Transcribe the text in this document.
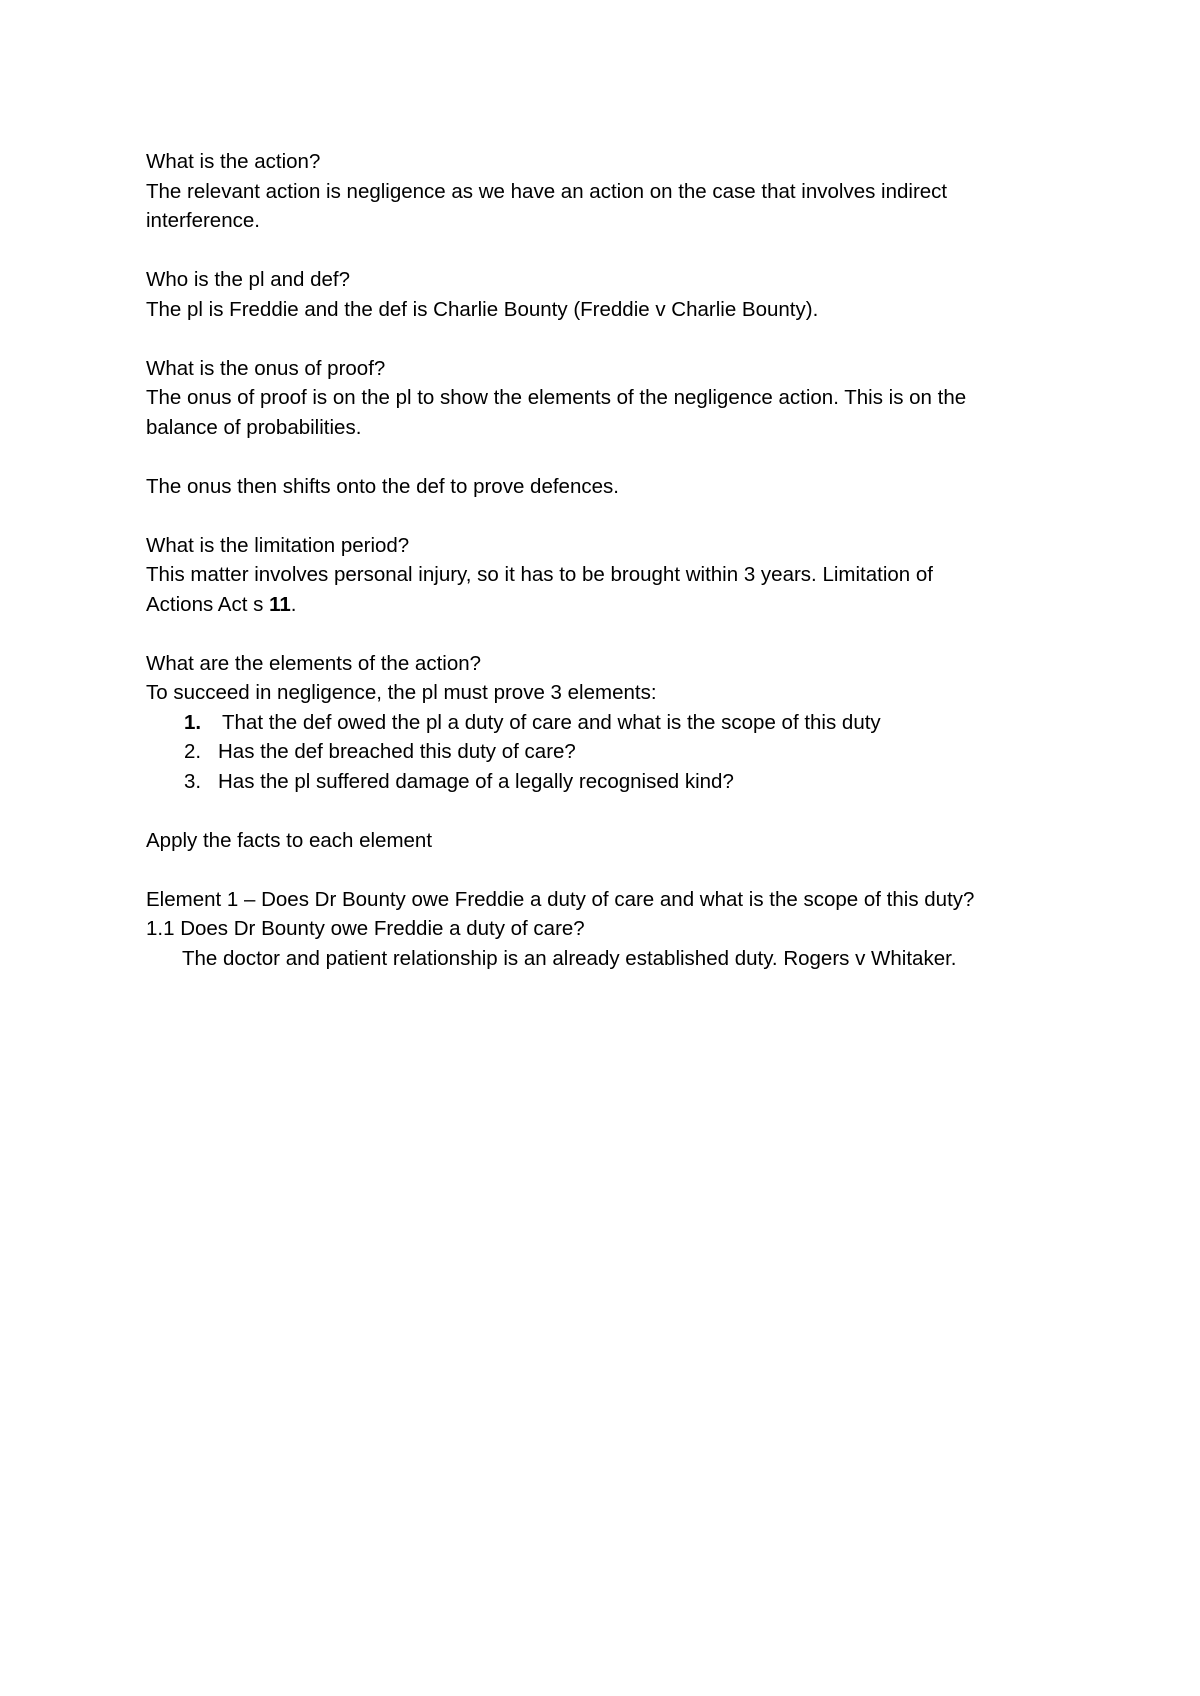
What is the action?
The relevant action is negligence as we have an action on the case that involves indirect
interference.
Who is the pl and def?
The pl is Freddie and the def is Charlie Bounty (Freddie v Charlie Bounty).
What is the onus of proof?
The onus of proof is on the pl to show the elements of the negligence action. This is on the
balance of probabilities.
The onus then shifts onto the def to prove defences.
What is the limitation period?
This matter involves personal injury, so it has to be brought within 3 years. Limitation of
Actions Act s 11.
What are the elements of the action?
To succeed in negligence, the pl must prove 3 elements:
1. That the def owed the pl a duty of care and what is the scope of this duty
2. Has the def breached this duty of care?
3. Has the pl suffered damage of a legally recognised kind?
Apply the facts to each element
Element 1 – Does Dr Bounty owe Freddie a duty of care and what is the scope of this duty?
1.1 Does Dr Bounty owe Freddie a duty of care?
The doctor and patient relationship is an already established duty. Rogers v Whitaker.
